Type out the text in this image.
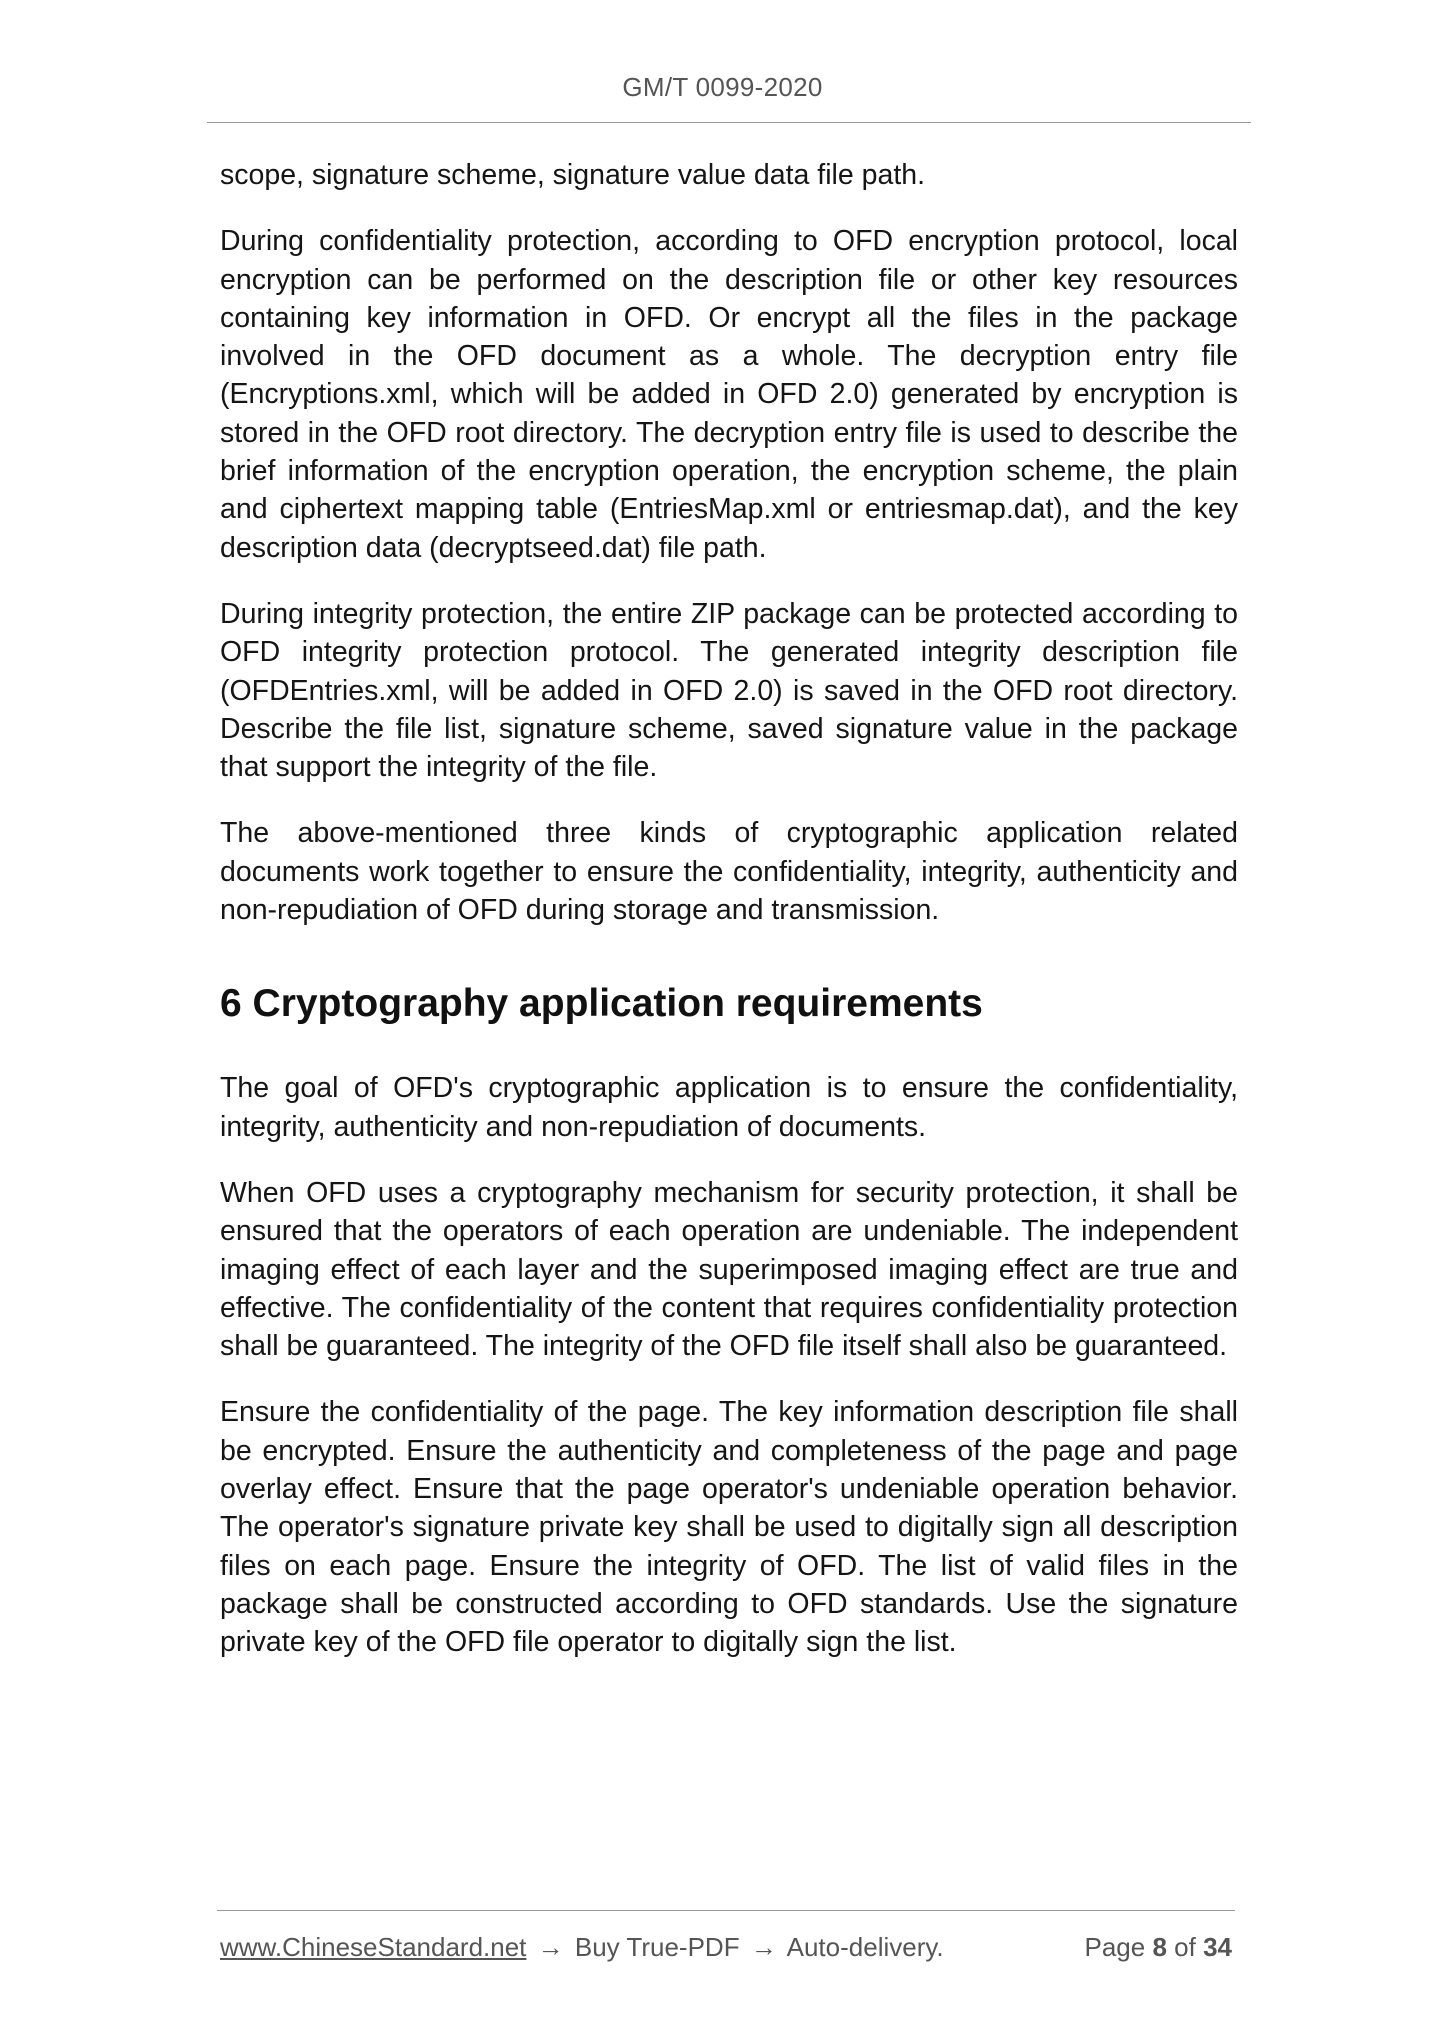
GM/T 0099-2020

scope, signature scheme, signature value data file path.

During confidentiality protection, according to OFD encryption protocol, local encryption can be performed on the description file or other key resources containing key information in OFD. Or encrypt all the files in the package involved in the OFD document as a whole. The decryption entry file (Encryptions.xml, which will be added in OFD 2.0) generated by encryption is stored in the OFD root directory. The decryption entry file is used to describe the brief information of the encryption operation, the encryption scheme, the plain and ciphertext mapping table (EntriesMap.xml or entriesmap.dat), and the key description data (decryptseed.dat) file path.

During integrity protection, the entire ZIP package can be protected according to OFD integrity protection protocol. The generated integrity description file (OFDEntries.xml, will be added in OFD 2.0) is saved in the OFD root directory. Describe the file list, signature scheme, saved signature value in the package that support the integrity of the file.

The above-mentioned three kinds of cryptographic application related documents work together to ensure the confidentiality, integrity, authenticity and non-repudiation of OFD during storage and transmission.

6 Cryptography application requirements

The goal of OFD's cryptographic application is to ensure the confidentiality, integrity, authenticity and non-repudiation of documents.

When OFD uses a cryptography mechanism for security protection, it shall be ensured that the operators of each operation are undeniable. The independent imaging effect of each layer and the superimposed imaging effect are true and effective. The confidentiality of the content that requires confidentiality protection shall be guaranteed. The integrity of the OFD file itself shall also be guaranteed.

Ensure the confidentiality of the page. The key information description file shall be encrypted. Ensure the authenticity and completeness of the page and page overlay effect. Ensure that the page operator's undeniable operation behavior. The operator's signature private key shall be used to digitally sign all description files on each page. Ensure the integrity of OFD. The list of valid files in the package shall be constructed according to OFD standards. Use the signature private key of the OFD file operator to digitally sign the list.

www.ChineseStandard.net → Buy True-PDF → Auto-delivery.	Page 8 of 34
